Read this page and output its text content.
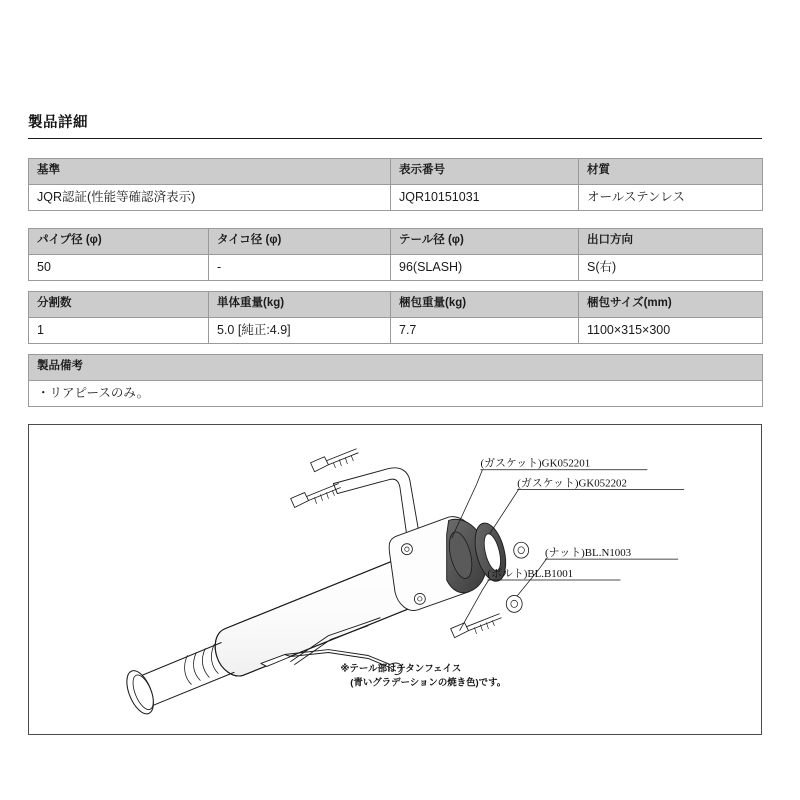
製品詳細
基準	表示番号	材質
JQR認証(性能等確認済表示)	JQR10151031	オールステンレス
パイプ径 (φ)	タイコ径 (φ)	テール径 (φ)	出口方向
50	-	96(SLASH)	S(右)
分割数	単体重量(kg)	梱包重量(kg)	梱包サイズ(mm)
1	5.0 [純正:4.9]	7.7	1100×315×300
製品備考
・リアピースのみ。
(ガスケット)GK052201
(ガスケット)GK052202
(ナット)BL.N1003
(ボルト)BL.B1001
※テール部はチタンフェイス
(青いグラデーションの焼き色)です。
